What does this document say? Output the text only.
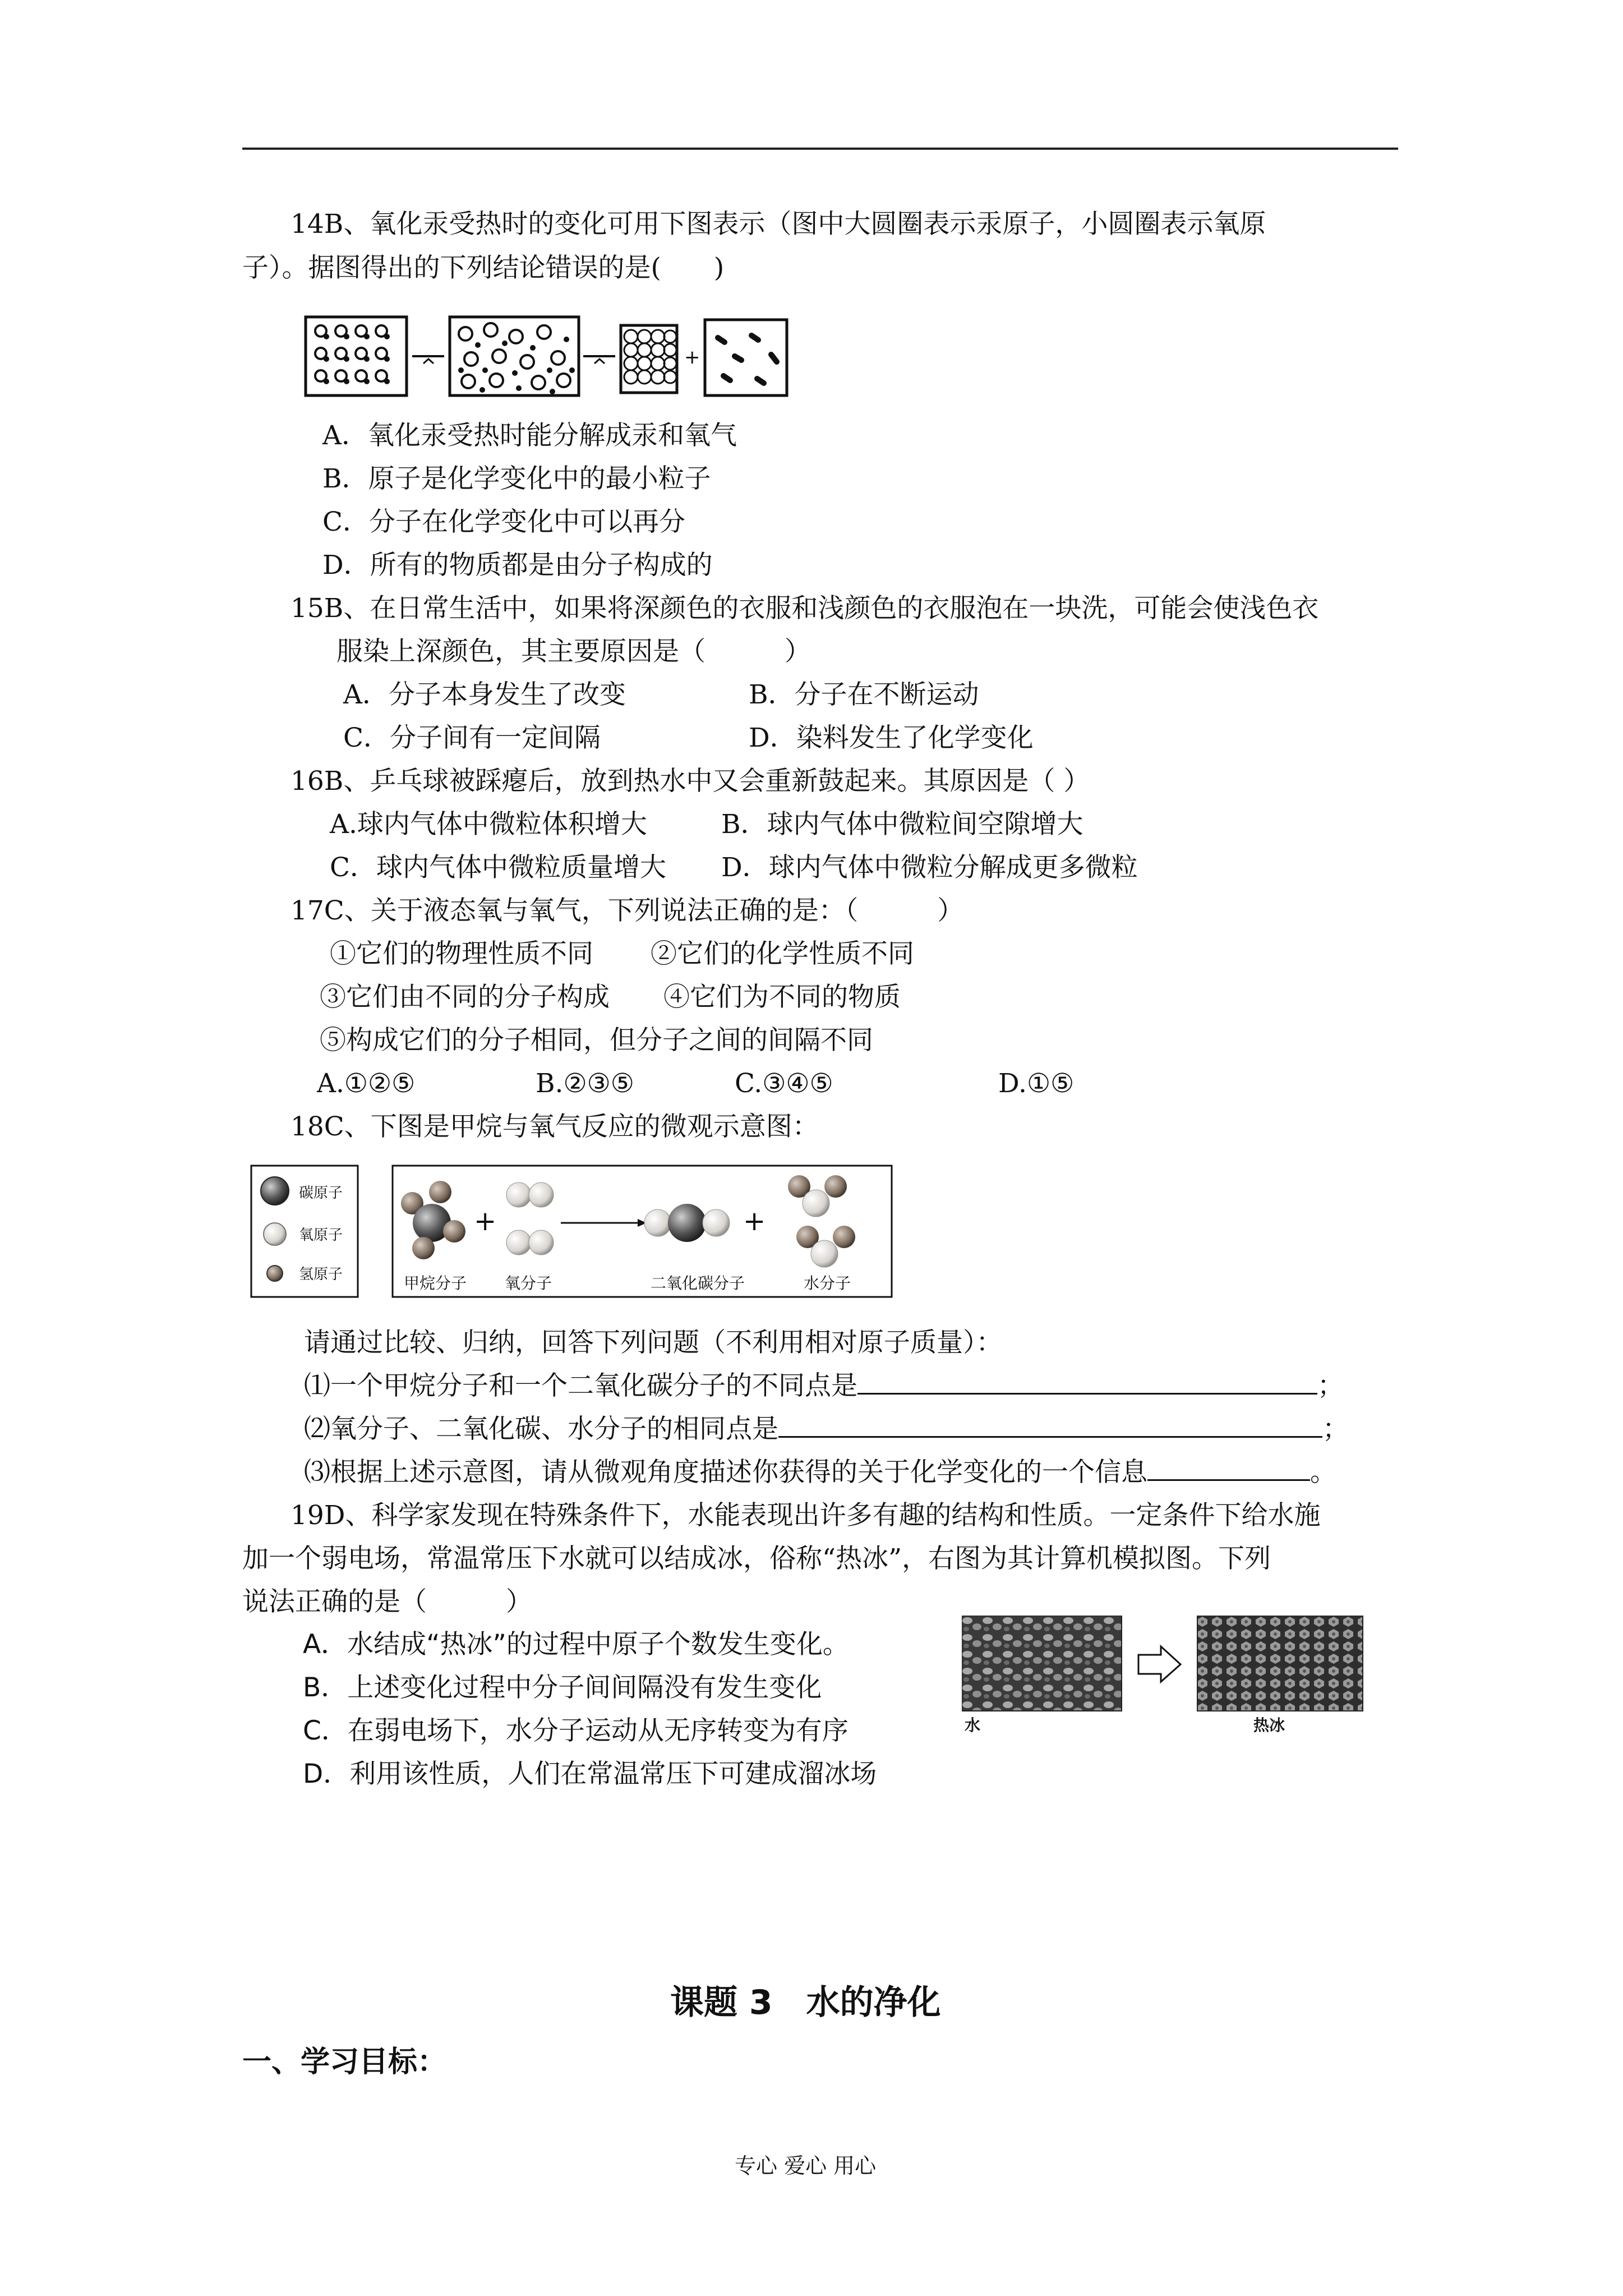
14B、氧化汞受热时的变化可用下图表示（图中大圆圈表示汞原子，小圆圈表示氧原
子）。据图得出的下列结论错误的是(　　)
+
A．氧化汞受热时能分解成汞和氧气
B．原子是化学变化中的最小粒子
C．分子在化学变化中可以再分
D．所有的物质都是由分子构成的
15B、在日常生活中，如果将深颜色的衣服和浅颜色的衣服泡在一块洗，可能会使浅色衣
服染上深颜色，其主要原因是（　　　）
A．分子本身发生了改变	B．分子在不断运动
C．分子间有一定间隔	D．染料发生了化学变化
16B、乒乓球被踩瘪后，放到热水中又会重新鼓起来。其原因是（ ）
A.球内气体中微粒体积增大	B．球内气体中微粒间空隙增大
C．球内气体中微粒质量增大 D．球内气体中微粒分解成更多微粒
17C、关于液态氧与氧气，下列说法正确的是：（　　　）
①它们的物理性质不同 ②它们的化学性质不同
③它们由不同的分子构成 ④它们为不同的物质
⑤构成它们的分子相同，但分子之间的间隔不同
A.①②⑤	B.②③⑤	C.③④⑤	D.①⑤
18C、下图是甲烷与氧气反应的微观示意图：
碳原子
氧原子
氢原子
+	+
甲烷分子 氧分子	二氧化碳分子	水分子
请通过比较、归纳，回答下列问题（不利用相对原子质量）：
⑴一个甲烷分子和一个二氧化碳分子的不同点是	；
⑵氧分子、二氧化碳、水分子的相同点是	；
⑶根据上述示意图，请从微观角度描述你获得的关于化学变化的一个信息	。
19D、科学家发现在特殊条件下，水能表现出许多有趣的结构和性质。一定条件下给水施
加一个弱电场，常温常压下水就可以结成冰，俗称“热冰”，右图为其计算机模拟图。下列
说法正确的是（　　　）
A．水结成“热冰”的过程中原子个数发生变化。
B．上述变化过程中分子间间隔没有发生变化
C．在弱电场下，水分子运动从无序转变为有序
D．利用该性质，人们在常温常压下可建成溜冰场
水	热冰
课题 3　水的净化
一、学习目标：
专心 爱心 用心
